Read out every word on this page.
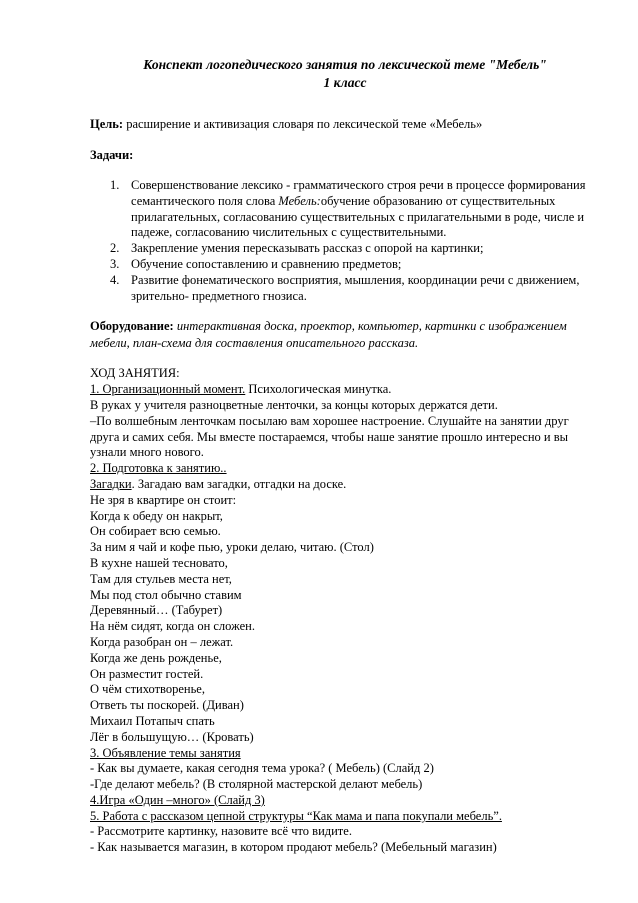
Конспект логопедического занятия по лексической теме "Мебель"
1 класс
Цель: расширение и активизация словаря по лексической теме «Мебель»
Задачи:
1. Совершенствование лексико - грамматического строя речи в процессе формирования семантического поля слова Мебель:обучение образованию от существительных прилагательных, согласованию существительных с прилагательными в роде, числе и падеже, согласованию числительных с существительными.
2. Закрепление умения пересказывать рассказ с опорой на картинки;
3. Обучение сопоставлению и сравнению предметов;
4. Развитие фонематического восприятия, мышления, координации речи с движением, зрительно- предметного гнозиса.
Оборудование: интерактивная доска, проектор, компьютер, картинки с изображением мебели, план-схема для составления описательного рассказа.
ХОД ЗАНЯТИЯ:
1. Организационный момент. Психологическая минутка.
В руках у учителя разноцветные ленточки, за концы которых держатся дети.
–По волшебным ленточкам посылаю вам хорошее настроение. Слушайте на занятии друг друга и самих себя. Мы вместе постараемся, чтобы наше занятие прошло интересно и вы узнали много нового.
2. Подготовка к занятию..
Загадки. Загадаю вам загадки, отгадки на доске.
Не зря в квартире он стоит:
Когда к обеду он накрыт,
Он собирает всю семью.
За ним я чай и кофе пью, уроки делаю, читаю. (Стол)
В кухне нашей тесновато,
Там для стульев места нет,
Мы под стол обычно ставим
Деревянный… (Табурет)
На нём сидят, когда он сложен.
Когда разобран он – лежат.
Когда же день рожденье,
Он разместит гостей.
О чём стихотворенье,
Ответь ты поскорей. (Диван)
Михаил Потапыч спать
Лёг в большущую… (Кровать)
3. Объявление темы занятия
- Как вы думаете, какая сегодня тема урока? ( Мебель) (Слайд 2)
-Где делают мебель? (В столярной мастерской делают мебель)
4.Игра «Один –много» (Слайд 3)
5. Работа с рассказом цепной структуры “Как мама и папа покупали мебель”.
- Рассмотрите картинку, назовите всё что видите.
- Как называется магазин, в котором продают мебель? (Мебельный магазин)
